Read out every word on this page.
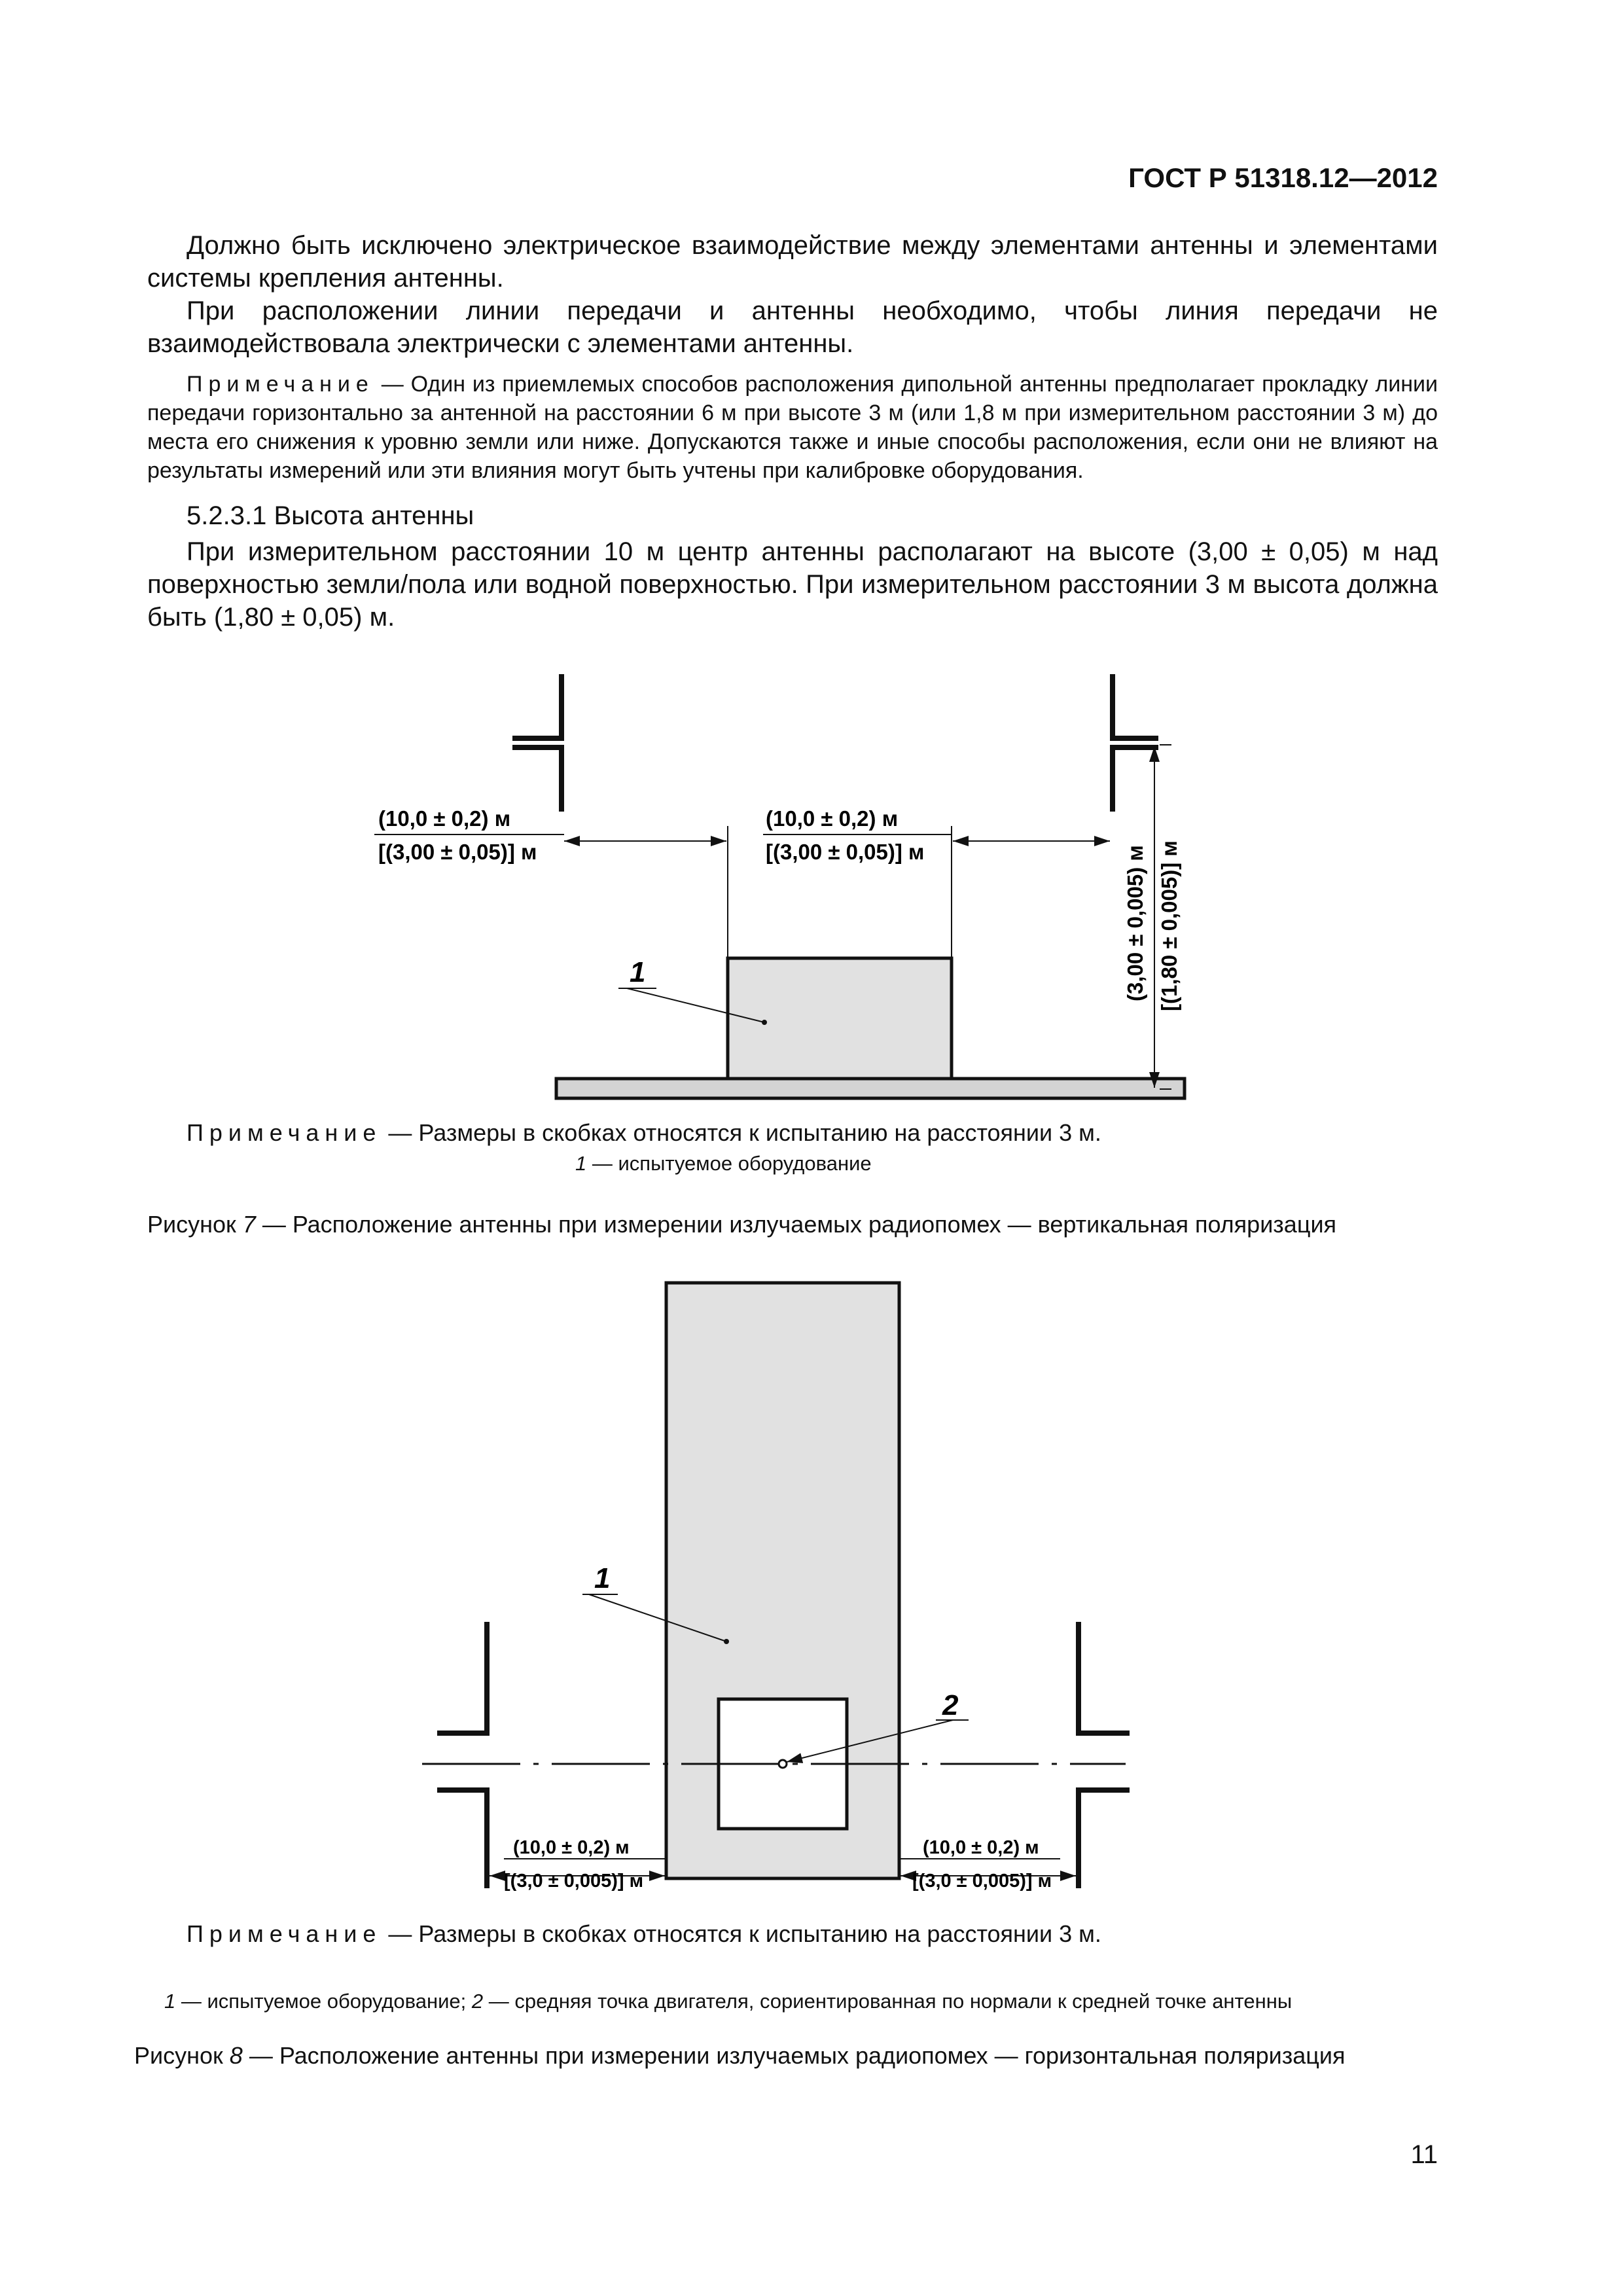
ГОСТ Р 51318.12—2012

Должно быть исключено электрическое взаимодействие между элементами антенны и элементами системы крепления антенны.

При расположении линии передачи и антенны необходимо, чтобы линия передачи не взаимодействовала электрически с элементами антенны.

Примечание — Один из приемлемых способов расположения дипольной антенны предполагает прокладку линии передачи горизонтально за антенной на расстоянии 6 м при высоте 3 м (или 1,8 м при измерительном расстоянии 3 м) до места его снижения к уровню земли или ниже. Допускаются также и иные способы расположения, если они не влияют на результаты измерений или эти влияния могут быть учтены при калибровке оборудования.

5.2.3.1 Высота антенны

При измерительном расстоянии 10 м центр антенны располагают на высоте (3,00 ± 0,05) м над поверхностью земли/пола или водной поверхностью. При измерительном расстоянии 3 м высота должна быть (1,80 ± 0,05) м.

(10,0 ± 0,2) м
[(3,00 ± 0,05)] м
(10,0 ± 0,2) м
[(3,00 ± 0,05)] м	(3,00 ± 0,005) м [(1,80 ± 0,005)] м
1
Примечание — Размеры в скобках относятся к испытанию на расстоянии 3 м.
1 — испытуемое оборудование
Рисунок 7 — Расположение антенны при измерении излучаемых радиопомех — вертикальная поляризация
(10,0 ± 0,2) м
[(3,0 ± 0,005)] м
(10,0 ± 0,2) м
[(3,0 ± 0,005)] м
1
2
Примечание — Размеры в скобках относятся к испытанию на расстоянии 3 м.
1 — испытуемое оборудование; 2 — средняя точка двигателя, сориентированная по нормали к средней точке антенны
Рисунок 8 — Расположение антенны при измерении излучаемых радиопомех — горизонтальная поляризация
11
